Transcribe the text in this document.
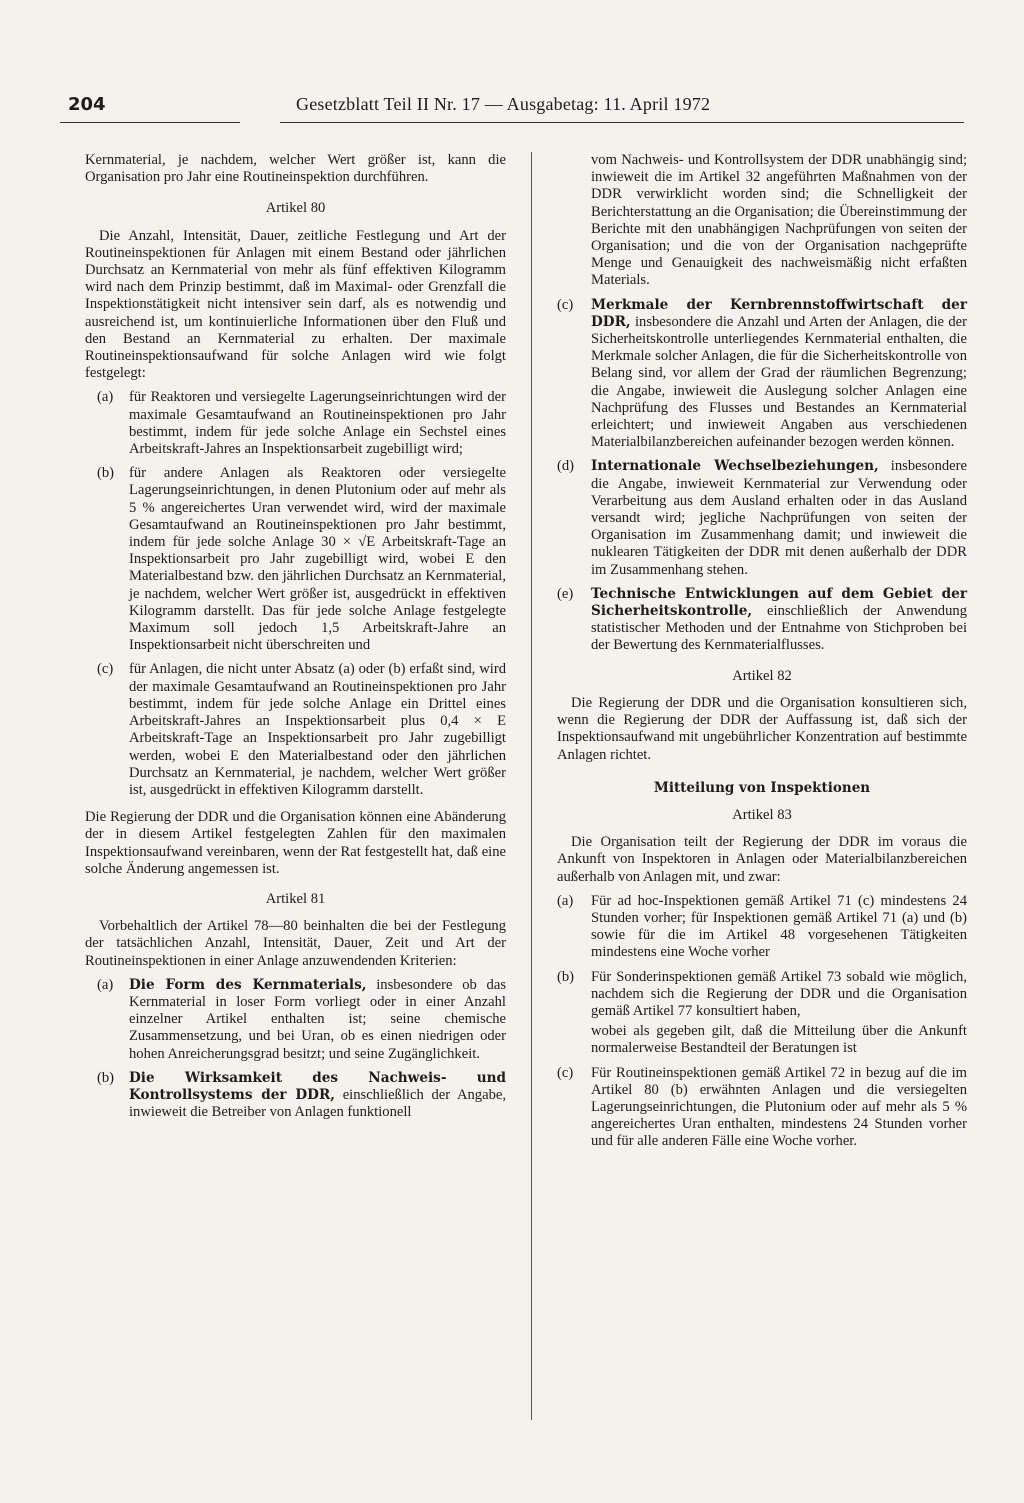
204	Gesetzblatt Teil II Nr. 17 — Ausgabetag: 11. April 1972

Kernmaterial, je nachdem, welcher Wert größer ist, kann die Organisation pro Jahr eine Routineinspektion durchführen.

Artikel 80

Die Anzahl, Intensität, Dauer, zeitliche Festlegung und Art der Routineinspektionen für Anlagen mit einem Bestand oder jährlichen Durchsatz an Kernmaterial von mehr als fünf effektiven Kilogramm wird nach dem Prinzip bestimmt, daß im Maximal- oder Grenzfall die Inspektionstätigkeit nicht intensiver sein darf, als es notwendig und ausreichend ist, um kontinuierliche Informationen über den Fluß und den Bestand an Kernmaterial zu erhalten. Der maximale Routineinspektionsaufwand für solche Anlagen wird wie folgt festgelegt:

(a) für Reaktoren und versiegelte Lagerungseinrichtungen wird der maximale Gesamtaufwand an Routineinspektionen pro Jahr bestimmt, indem für jede solche Anlage ein Sechstel eines Arbeitskraft-Jahres an Inspektionsarbeit zugebilligt wird;
(b) für andere Anlagen als Reaktoren oder versiegelte Lagerungseinrichtungen, in denen Plutonium oder auf mehr als 5 % angereichertes Uran verwendet wird, wird der maximale Gesamtaufwand an Routineinspektionen pro Jahr bestimmt, indem für jede solche Anlage 30 × √E Arbeitskraft-Tage an Inspektionsarbeit pro Jahr zugebilligt wird, wobei E den Materialbestand bzw. den jährlichen Durchsatz an Kernmaterial, je nachdem, welcher Wert größer ist, ausgedrückt in effektiven Kilogramm darstellt. Das für jede solche Anlage festgelegte Maximum soll jedoch 1,5 Arbeitskraft-Jahre an Inspektionsarbeit nicht überschreiten und
(c) für Anlagen, die nicht unter Absatz (a) oder (b) erfaßt sind, wird der maximale Gesamtaufwand an Routineinspektionen pro Jahr bestimmt, indem für jede solche Anlage ein Drittel eines Arbeitskraft-Jahres an Inspektionsarbeit plus 0,4 × E Arbeitskraft-Tage an Inspektionsarbeit pro Jahr zugebilligt werden, wobei E den Materialbestand oder den jährlichen Durchsatz an Kernmaterial, je nachdem, welcher Wert größer ist, ausgedrückt in effektiven Kilogramm darstellt.

Die Regierung der DDR und die Organisation können eine Abänderung der in diesem Artikel festgelegten Zahlen für den maximalen Inspektionsaufwand vereinbaren, wenn der Rat festgestellt hat, daß eine solche Änderung angemessen ist.

Artikel 81

Vorbehaltlich der Artikel 78—80 beinhalten die bei der Festlegung der tatsächlichen Anzahl, Intensität, Dauer, Zeit und Art der Routineinspektionen in einer Anlage anzuwendenden Kriterien:

(a) Die Form des Kernmaterials, insbesondere ob das Kernmaterial in loser Form vorliegt oder in einer Anzahl einzelner Artikel enthalten ist; seine chemische Zusammensetzung, und bei Uran, ob es einen niedrigen oder hohen Anreicherungsgrad besitzt; und seine Zugänglichkeit.
(b) Die Wirksamkeit des Nachweis- und Kontrollsystems der DDR, einschließlich der Angabe, inwieweit die Betreiber von Anlagen funktionell

vom Nachweis- und Kontrollsystem der DDR unabhängig sind; inwieweit die im Artikel 32 angeführten Maßnahmen von der DDR verwirklicht worden sind; die Schnelligkeit der Berichterstattung an die Organisation; die Übereinstimmung der Berichte mit den unabhängigen Nachprüfungen von seiten der Organisation; und die von der Organisation nachgeprüfte Menge und Genauigkeit des nachweismäßig nicht erfaßten Materials.

(c) Merkmale der Kernbrennstoffwirtschaft der DDR, insbesondere die Anzahl und Arten der Anlagen, die der Sicherheitskontrolle unterliegendes Kernmaterial enthalten, die Merkmale solcher Anlagen, die für die Sicherheitskontrolle von Belang sind, vor allem der Grad der räumlichen Begrenzung; die Angabe, inwieweit die Auslegung solcher Anlagen eine Nachprüfung des Flusses und Bestandes an Kernmaterial erleichtert; und inwieweit Angaben aus verschiedenen Materialbilanzbereichen aufeinander bezogen werden können.
(d) Internationale Wechselbeziehungen, insbesondere die Angabe, inwieweit Kernmaterial zur Verwendung oder Verarbeitung aus dem Ausland erhalten oder in das Ausland versandt wird; jegliche Nachprüfungen von seiten der Organisation im Zusammenhang damit; und inwieweit die nuklearen Tätigkeiten der DDR mit denen außerhalb der DDR im Zusammenhang stehen.
(e) Technische Entwicklungen auf dem Gebiet der Sicherheitskontrolle, einschließlich der Anwendung statistischer Methoden und der Entnahme von Stichproben bei der Bewertung des Kernmaterialflusses.
Artikel 82

Die Regierung der DDR und die Organisation konsultieren sich, wenn die Regierung der DDR der Auffassung ist, daß sich der Inspektionsaufwand mit ungebührlicher Konzentration auf bestimmte Anlagen richtet.

Mitteilung von Inspektionen
Artikel 83

Die Organisation teilt der Regierung der DDR im voraus die Ankunft von Inspektoren in Anlagen oder Materialbilanzbereichen außerhalb von Anlagen mit, und zwar:

(a) Für ad hoc-Inspektionen gemäß Artikel 71 (c) mindestens 24 Stunden vorher; für Inspektionen gemäß Artikel 71 (a) und (b) sowie für die im Artikel 48 vorgesehenen Tätigkeiten mindestens eine Woche vorher
(b) Für Sonderinspektionen gemäß Artikel 73 sobald wie möglich, nachdem sich die Regierung der DDR und die Organisation gemäß Artikel 77 konsultiert haben,

wobei als gegeben gilt, daß die Mitteilung über die Ankunft normalerweise Bestandteil der Beratungen ist

(c) Für Routineinspektionen gemäß Artikel 72 in bezug auf die im Artikel 80 (b) erwähnten Anlagen und die versiegelten Lagerungseinrichtungen, die Plutonium oder auf mehr als 5 % angereichertes Uran enthalten, mindestens 24 Stunden vorher und für alle anderen Fälle eine Woche vorher.
